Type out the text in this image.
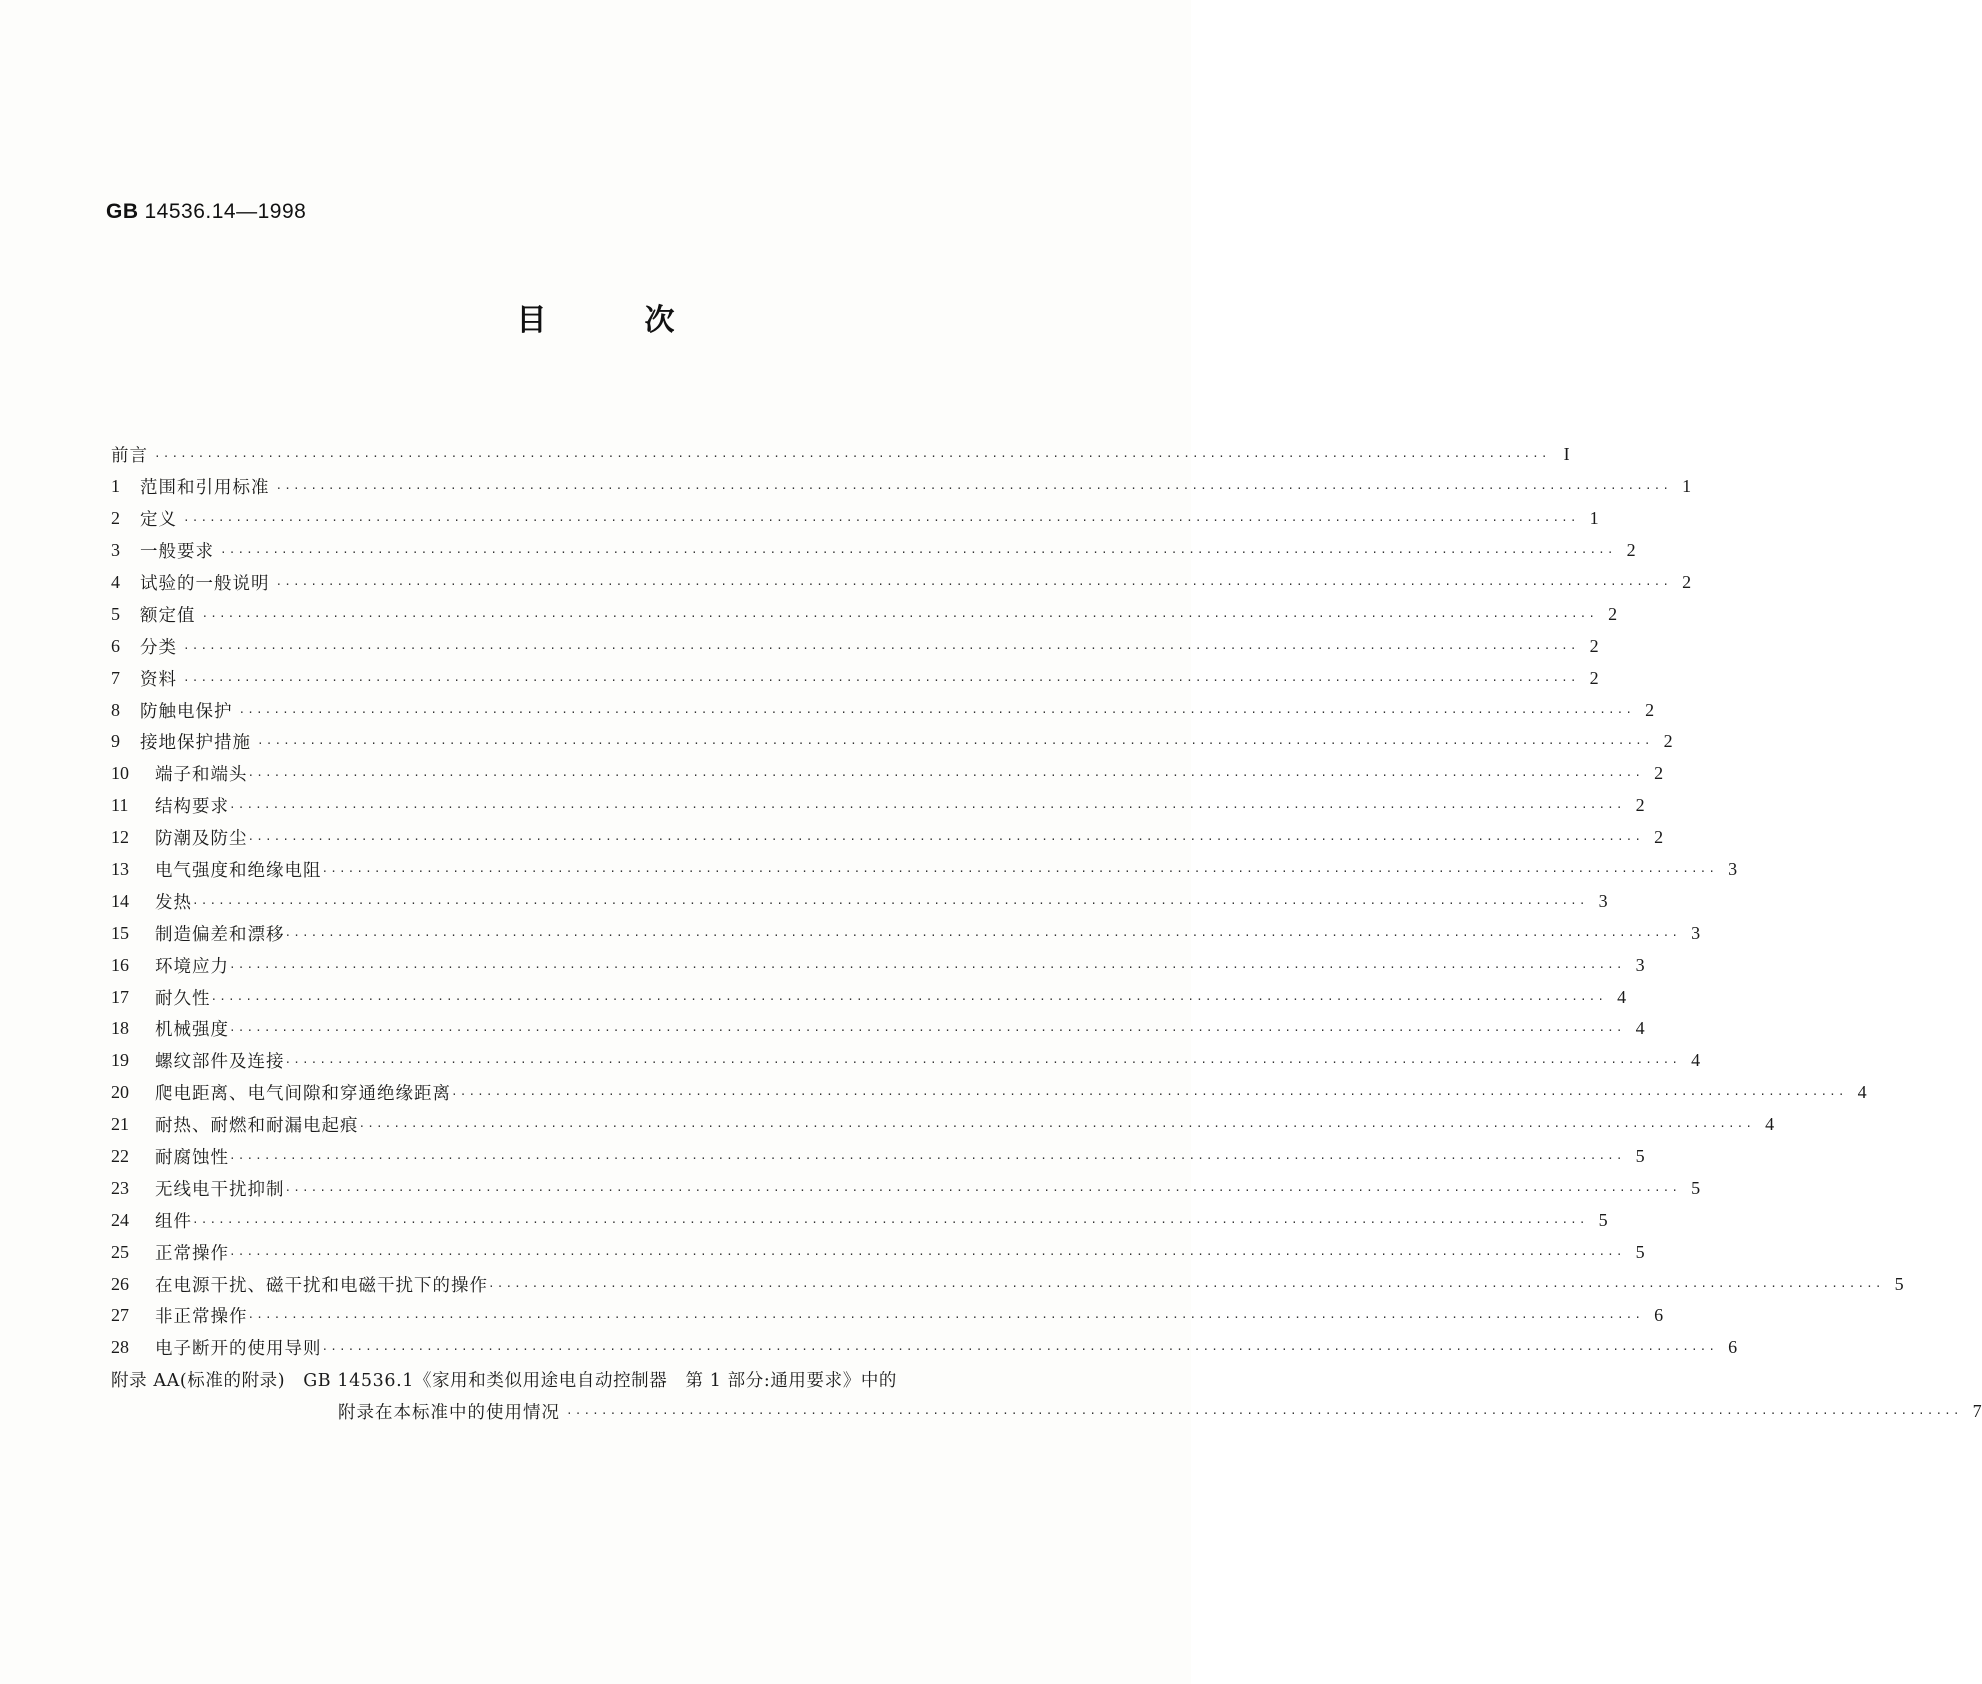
GB 14536.14—1998
目次
前言 ································································································································································ I
1	范围和引用标准 ································································································································································ 1
2	定义 ································································································································································ 1
3	一般要求 ································································································································································ 2
4	试验的一般说明 ································································································································································ 2
5	额定值 ································································································································································ 2
6	分类 ································································································································································ 2
7	资料 ································································································································································ 2
8	防触电保护 ································································································································································ 2
9	接地保护措施 ································································································································································ 2
10	端子和端头 ································································································································································ 2
11	结构要求 ································································································································································ 2
12	防潮及防尘 ································································································································································ 2
13	电气强度和绝缘电阻 ································································································································································ 3
14	发热 ································································································································································ 3
15	制造偏差和漂移 ································································································································································ 3
16	环境应力 ································································································································································ 3
17	耐久性 ································································································································································ 4
18	机械强度 ································································································································································ 4
19	螺纹部件及连接 ································································································································································ 4
20	爬电距离、电气间隙和穿通绝缘距离 ································································································································································ 4
21	耐热、耐燃和耐漏电起痕 ································································································································································ 4
22	耐腐蚀性 ································································································································································ 5
23	无线电干扰抑制 ································································································································································ 5
24	组件 ································································································································································ 5
25	正常操作 ································································································································································ 5
26	在电源干扰、磁干扰和电磁干扰下的操作 ································································································································································ 5
27	非正常操作 ································································································································································ 6
28	电子断开的使用导则 ································································································································································ 6
附录 AA(标准的附录) GB 14536.1《家用和类似用途电自动控制器　第 1 部分:通用要求》中的
附录在本标准中的使用情况 ································································································································································ 7
